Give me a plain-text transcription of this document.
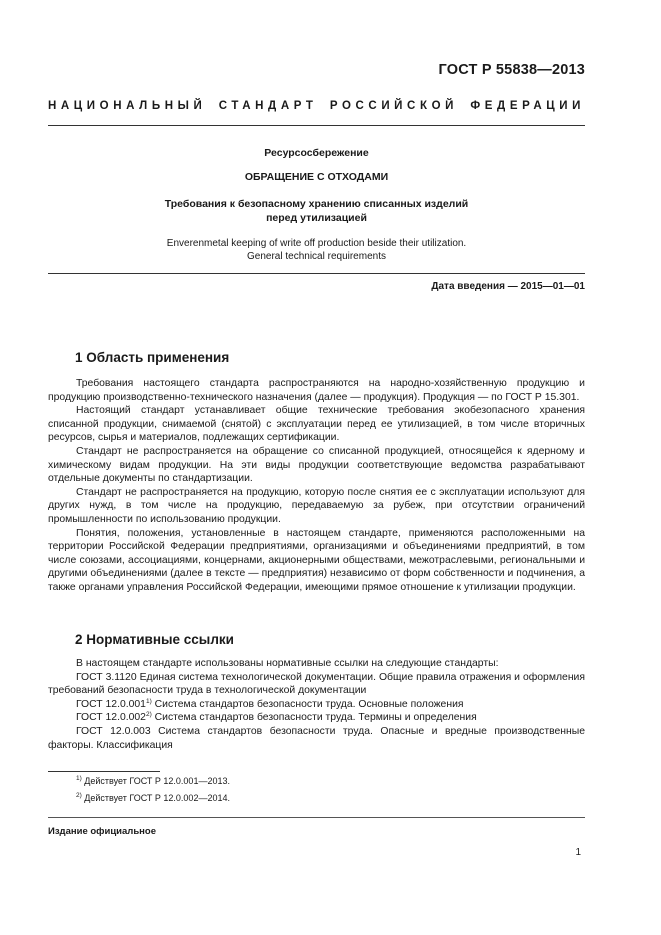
ГОСТ Р 55838—2013
НАЦИОНАЛЬНЫЙ СТАНДАРТ РОССИЙСКОЙ ФЕДЕРАЦИИ
Ресурсосбережение
ОБРАЩЕНИЕ С ОТХОДАМИ
Требования к безопасному хранению списанных изделий
перед утилизацией
Enverenmetal keeping of write off production beside their utilization.
General technical requirements
Дата введения — 2015—01—01
1 Область применения

Требования настоящего стандарта распространяются на народно-хозяйственную продукцию и продукцию производственно-технического назначения (далее — продукция). Продукция — по ГОСТ Р 15.301.

Настоящий стандарт устанавливает общие технические требования экобезопасного хранения списанной продукции, снимаемой (снятой) с эксплуатации перед ее утилизацией, в том числе вторичных ресурсов, сырья и материалов, подлежащих сертификации.

Стандарт не распространяется на обращение со списанной продукцией, относящейся к ядерному и химическому видам продукции. На эти виды продукции соответствующие ведомства разрабатывают отдельные документы по стандартизации.

Стандарт не распространяется на продукцию, которую после снятия ее с эксплуатации используют для других нужд, в том числе на продукцию, передаваемую за рубеж, при отсутствии ограничений промышленности по использованию продукции.

Понятия, положения, установленные в настоящем стандарте, применяются расположенными на территории Российской Федерации предприятиями, организациями и объединениями предприятий, в том числе союзами, ассоциациями, концернами, акционерными обществами, межотраслевыми, региональными и другими объединениями (далее в тексте — предприятия) независимо от форм собственности и подчинения, а также органами управления Российской Федерации, имеющими прямое отношение к утилизации продукции.

2 Нормативные ссылки

В настоящем стандарте использованы нормативные ссылки на следующие стандарты:

ГОСТ 3.1120 Единая система технологической документации. Общие правила отражения и оформления требований безопасности труда в технологической документации

ГОСТ 12.0.001$^{1)}$ Система стандартов безопасности труда. Основные положения

ГОСТ 12.0.002$^{2)}$ Система стандартов безопасности труда. Термины и определения

ГОСТ 12.0.003 Система стандартов безопасности труда. Опасные и вредные производственные факторы. Классификация

$^{1)}$ Действует ГОСТ Р 12.0.001—2013.
$^{2)}$ Действует ГОСТ Р 12.0.002—2014.
Издание официальное
1
